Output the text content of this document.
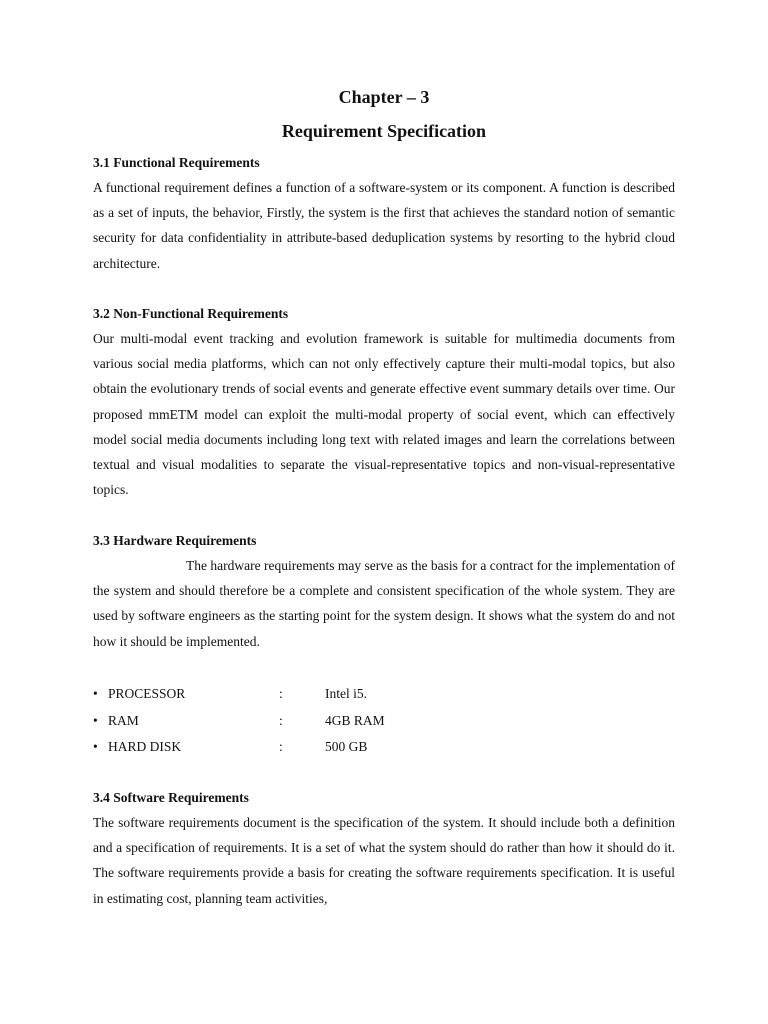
Chapter – 3
Requirement Specification

3.1 Functional Requirements

A functional requirement defines a function of a software-system or its component. A function is described as a set of inputs, the behavior, Firstly, the system is the first that achieves the standard notion of semantic security for data confidentiality in attribute-based deduplication systems by resorting to the hybrid cloud architecture.

3.2 Non-Functional Requirements

Our multi-modal event tracking and evolution framework is suitable for multimedia documents from various social media platforms, which can not only effectively capture their multi-modal topics, but also obtain the evolutionary trends of social events and generate effective event summary details over time. Our proposed mmETM model can exploit the multi-modal property of social event, which can effectively model social media documents including long text with related images and learn the correlations between textual and visual modalities to separate the visual-representative topics and non-visual-representative topics.

3.3 Hardware Requirements

The hardware requirements may serve as the basis for a contract for the implementation of the system and should therefore be a complete and consistent specification of the whole system. They are used by software engineers as the starting point for the system design. It shows what the system do and not how it should be implemented.

• PROCESSOR	:	Intel i5.
• RAM	:	4GB RAM
• HARD DISK	:	500 GB

3.4 Software Requirements

The software requirements document is the specification of the system. It should include both a definition and a specification of requirements. It is a set of what the system should do rather than how it should do it. The software requirements provide a basis for creating the software requirements specification. It is useful in estimating cost, planning team activities,
